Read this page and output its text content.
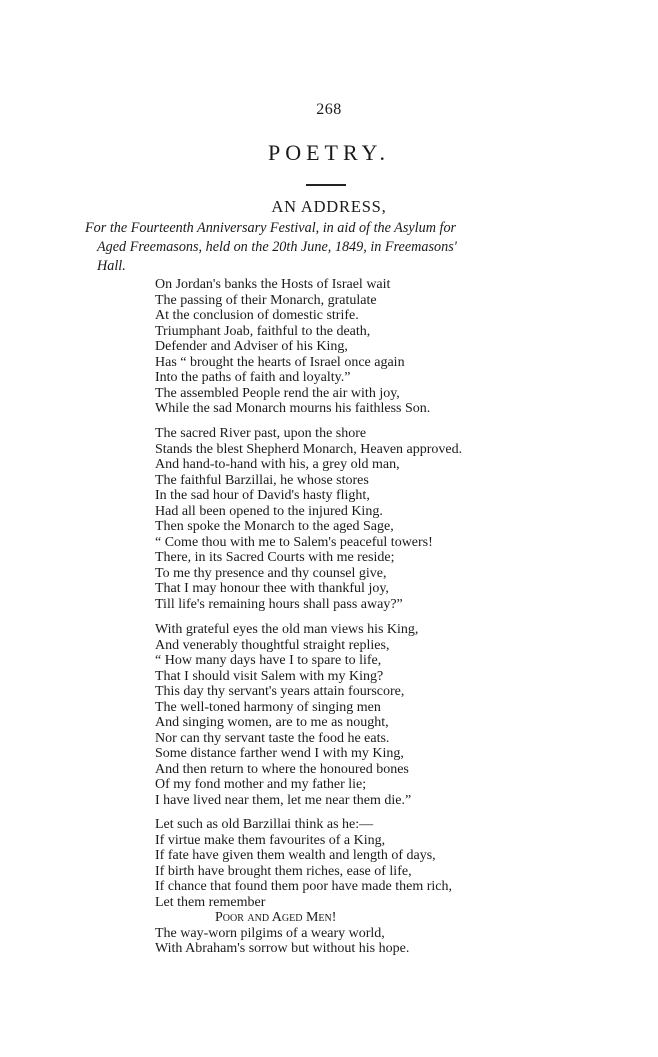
268
POETRY.
AN ADDRESS,
For the Fourteenth Anniversary Festival, in aid of the Asylum for
Aged Freemasons, held on the 20th June, 1849, in Freemasons'
Hall.
On Jordan's banks the Hosts of Israel wait
The passing of their Monarch, gratulate
At the conclusion of domestic strife.
Triumphant Joab, faithful to the death,
Defender and Adviser of his King,
Has “ brought the hearts of Israel once again
Into the paths of faith and loyalty.”
The assembled People rend the air with joy,
While the sad Monarch mourns his faithless Son.
The sacred River past, upon the shore
Stands the blest Shepherd Monarch, Heaven approved.
And hand-to-hand with his, a grey old man,
The faithful Barzillai, he whose stores
In the sad hour of David's hasty flight,
Had all been opened to the injured King.
Then spoke the Monarch to the aged Sage,
“ Come thou with me to Salem's peaceful towers!
There, in its Sacred Courts with me reside;
To me thy presence and thy counsel give,
That I may honour thee with thankful joy,
Till life's remaining hours shall pass away?”
With grateful eyes the old man views his King,
And venerably thoughtful straight replies,
“ How many days have I to spare to life,
That I should visit Salem with my King?
This day thy servant's years attain fourscore,
The well-toned harmony of singing men
And singing women, are to me as nought,
Nor can thy servant taste the food he eats.
Some distance farther wend I with my King,
And then return to where the honoured bones
Of my fond mother and my father lie;
I have lived near them, let me near them die.”
Let such as old Barzillai think as he:—
If virtue make them favourites of a King,
If fate have given them wealth and length of days,
If birth have brought them riches, ease of life,
If chance that found them poor have made them rich,
Let them remember
Poor and Aged Men!
The way-worn pilgims of a weary world,
With Abraham's sorrow but without his hope.
